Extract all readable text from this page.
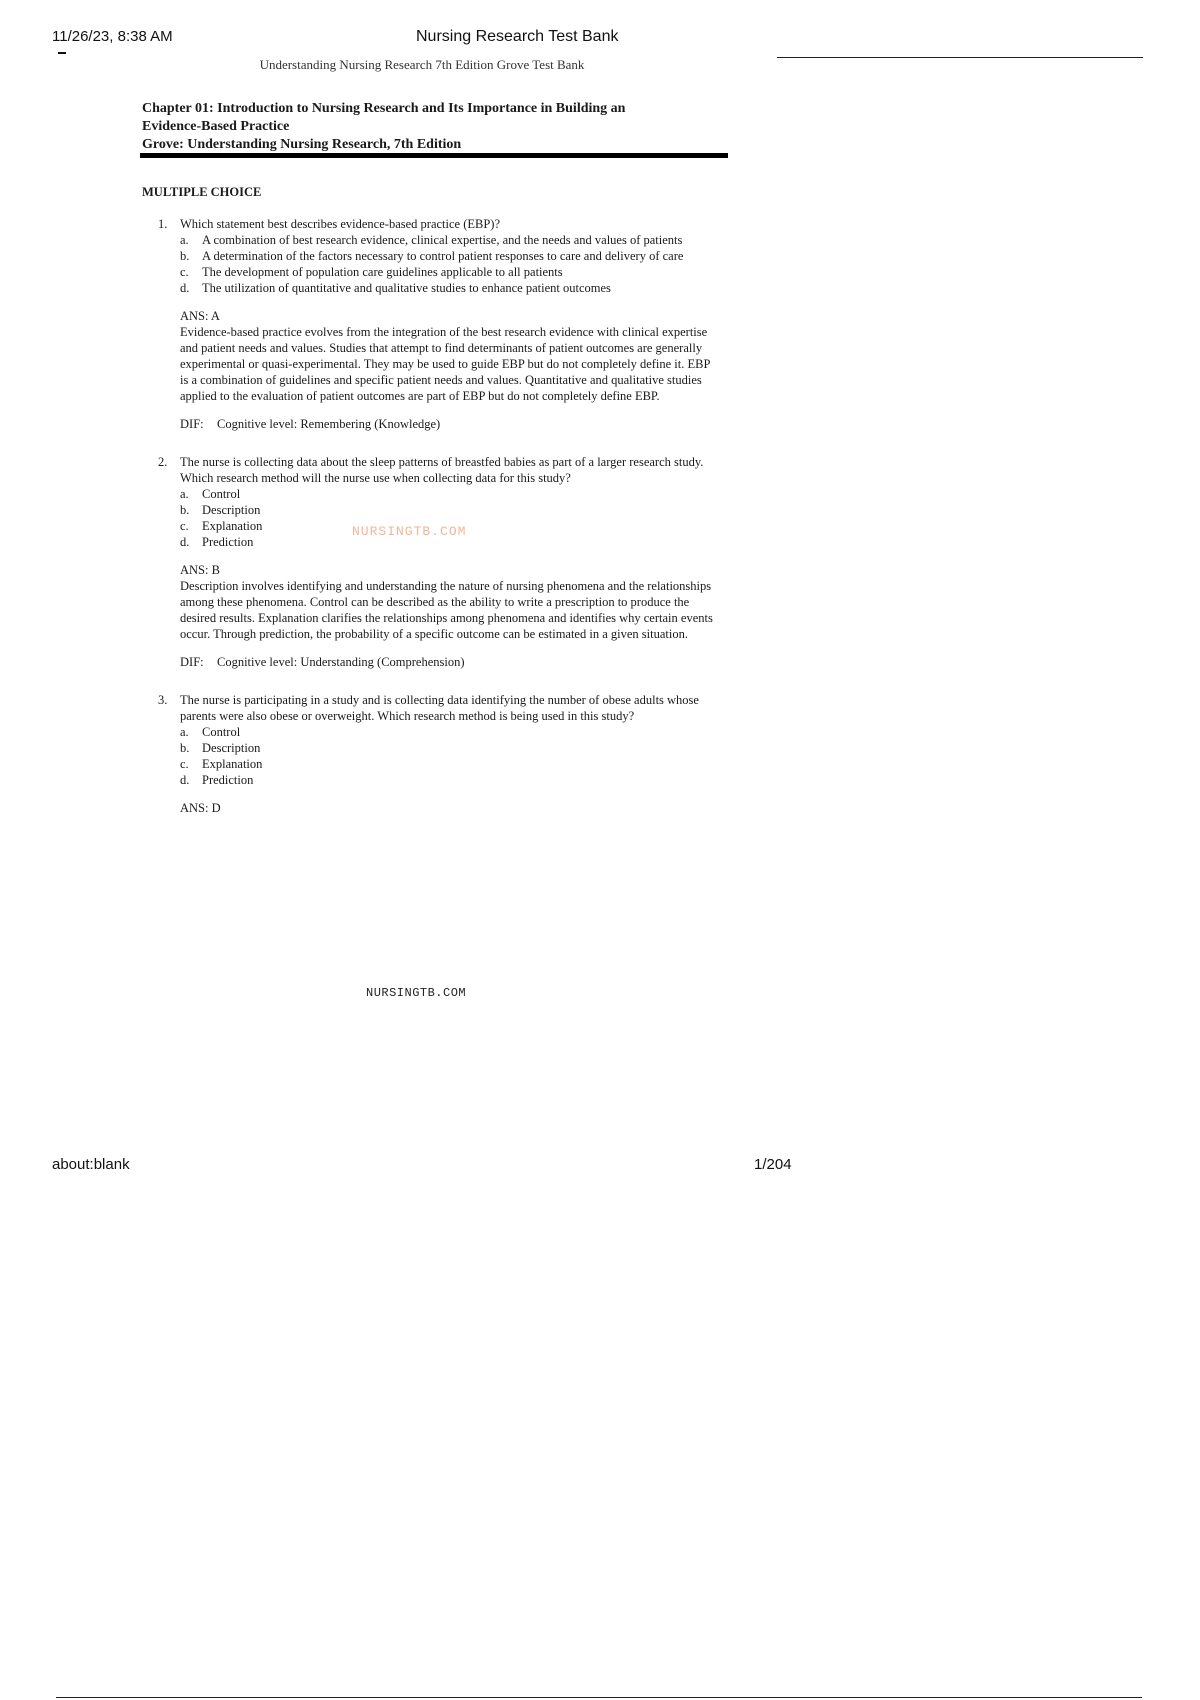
11/26/23, 8:38 AM	Nursing Research Test Bank
Understanding Nursing Research 7th Edition Grove Test Bank
Chapter 01: Introduction to Nursing Research and Its Importance in Building an
Evidence-Based Practice
Grove: Understanding Nursing Research, 7th Edition
MULTIPLE CHOICE
1. Which statement best describes evidence-based practice (EBP)?
a. A combination of best research evidence, clinical expertise, and the needs and values of patients
b. A determination of the factors necessary to control patient responses to care and delivery of care
c. The development of population care guidelines applicable to all patients
d. The utilization of quantitative and qualitative studies to enhance patient outcomes
ANS: A
Evidence-based practice evolves from the integration of the best research evidence with clinical expertise and patient needs and values. Studies that attempt to find determinants of patient outcomes are generally experimental or quasi-experimental. They may be used to guide EBP but do not completely define it. EBP is a combination of guidelines and specific patient needs and values. Quantitative and qualitative studies applied to the evaluation of patient outcomes are part of EBP but do not completely define EBP.
DIF: Cognitive level: Remembering (Knowledge)
2. The nurse is collecting data about the sleep patterns of breastfed babies as part of a larger research study. Which research method will the nurse use when collecting data for this study?
a. Control
b. Description
c. Explanation
d. Prediction
ANS: B
Description involves identifying and understanding the nature of nursing phenomena and the relationships among these phenomena. Control can be described as the ability to write a prescription to produce the desired results. Explanation clarifies the relationships among phenomena and identifies why certain events occur. Through prediction, the probability of a specific outcome can be estimated in a given situation.
DIF: Cognitive level: Understanding (Comprehension)
3. The nurse is participating in a study and is collecting data identifying the number of obese adults whose parents were also obese or overweight. Which research method is being used in this study?
a. Control
b. Description
c. Explanation
d. Prediction
ANS: D
NURSINGTB.COM
NURSINGTB.COM
about:blank	1/204
